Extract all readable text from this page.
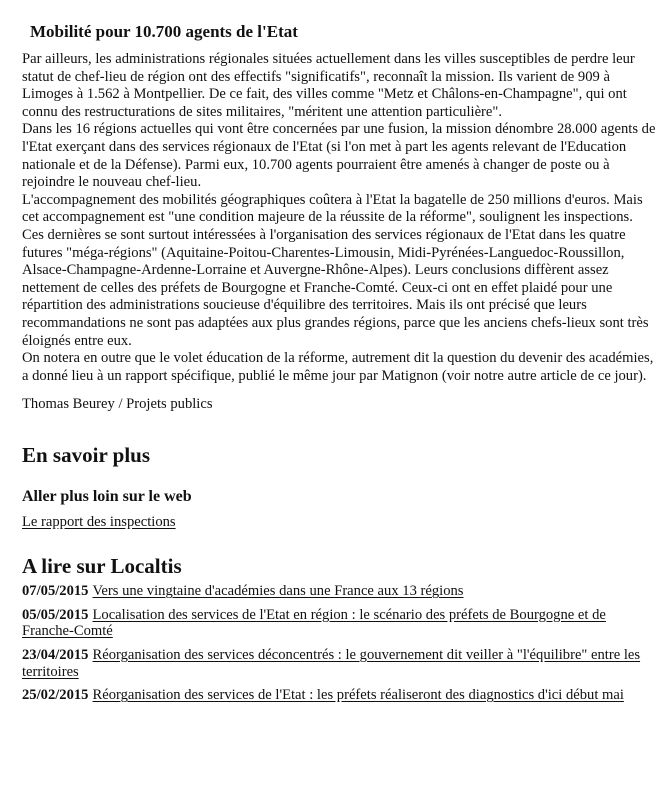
Mobilité pour 10.700 agents de l'Etat

Par ailleurs, les administrations régionales situées actuellement dans les villes susceptibles de perdre leur statut de chef-lieu de région ont des effectifs "significatifs", reconnaît la mission. Ils varient de 909 à Limoges à 1.562 à Montpellier. De ce fait, des villes comme "Metz et Châlons-en-Champagne", qui ont connu des restructurations de sites militaires, "méritent une attention particulière".

Dans les 16 régions actuelles qui vont être concernées par une fusion, la mission dénombre 28.000 agents de l'Etat exerçant dans des services régionaux de l'Etat (si l'on met à part les agents relevant de l'Education nationale et de la Défense). Parmi eux, 10.700 agents pourraient être amenés à changer de poste ou à rejoindre le nouveau chef-lieu.

L'accompagnement des mobilités géographiques coûtera à l'Etat la bagatelle de 250 millions d'euros. Mais cet accompagnement est "une condition majeure de la réussite de la réforme", soulignent les inspections.

Ces dernières se sont surtout intéressées à l'organisation des services régionaux de l'Etat dans les quatre futures "méga-régions" (Aquitaine-Poitou-Charentes-Limousin, Midi-Pyrénées-Languedoc-Roussillon, Alsace-Champagne-Ardenne-Lorraine et Auvergne-Rhône-Alpes). Leurs conclusions diffèrent assez nettement de celles des préfets de Bourgogne et Franche-Comté. Ceux-ci ont en effet plaidé pour une répartition des administrations soucieuse d'équilibre des territoires. Mais ils ont précisé que leurs recommandations ne sont pas adaptées aux plus grandes régions, parce que les anciens chefs-lieux sont très éloignés entre eux.

On notera en outre que le volet éducation de la réforme, autrement dit la question du devenir des académies, a donné lieu à un rapport spécifique, publié le même jour par Matignon (voir notre autre article de ce jour).

Thomas Beurey / Projets publics
En savoir plus
Aller plus loin sur le web
Le rapport des inspections
A lire sur Localtis
07/05/2015 Vers une vingtaine d'académies dans une France aux 13 régions
05/05/2015 Localisation des services de l'Etat en région : le scénario des préfets de Bourgogne et de Franche-Comté
23/04/2015 Réorganisation des services déconcentrés : le gouvernement dit veiller à "l'équilibre" entre les territoires
25/02/2015 Réorganisation des services de l'Etat : les préfets réaliseront des diagnostics d'ici début mai
